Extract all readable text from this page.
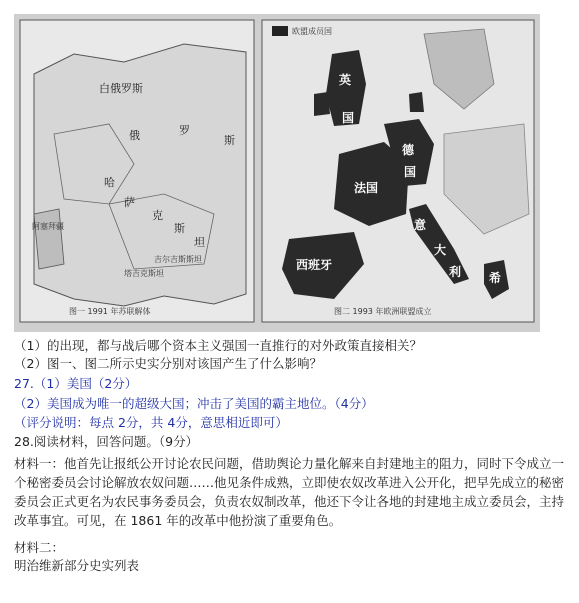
白俄罗斯
俄	罗
斯
哈
萨
克
斯
坦
阿塞拜疆
吉尔吉斯斯坦
塔吉克斯坦
图一 1991 年苏联解体
欧盟成员国
英
国
法国
德
国
西班牙
意
大
利 希
图二 1993 年欧洲联盟成立
（1）的出现，都与战后哪个资本主义强国一直推行的对外政策直接相关？
（2）图一、图二所示史实分别对该国产生了什么影响？
27.（1）美国（2分）
（2）美国成为唯一的超级大国；冲击了美国的霸主地位。（4分）
（评分说明：每点 2分，共 4分，意思相近即可）
28.阅读材料，回答问题。（9分）
材料一：他首先让报纸公开讨论农民问题，借助舆论力量化解来自封建地主的阻力，同时下令成立一个秘密委员会讨论解放农奴问题……他见条件成熟，立即使农奴改革进入公开化，把早先成立的秘密委员会正式更名为农民事务委员会，负责农奴制改革，他还下令让各地的封建地主成立委员会，主持改革事宜。可见，在 1861 年的改革中他扮演了重要角色。
材料二：
明治维新部分史实列表
